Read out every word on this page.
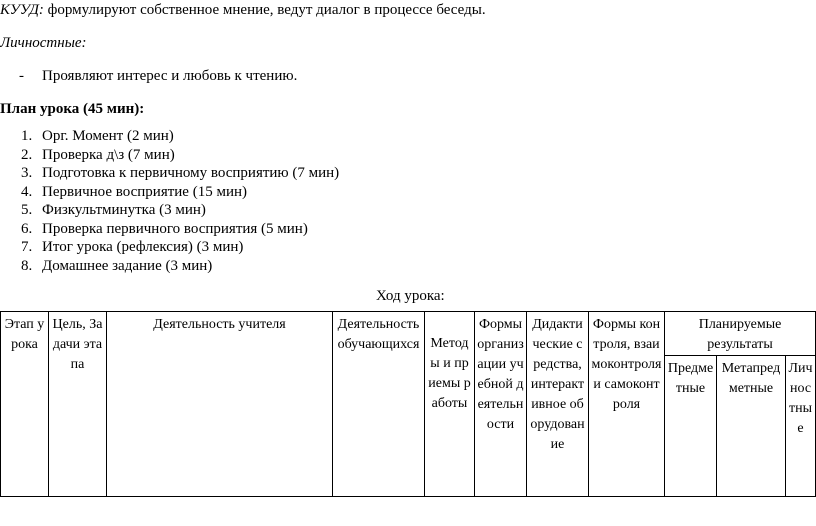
КУУД: формулируют собственное мнение, ведут диалог в процессе беседы.
Личностные:
- Проявляют интерес и любовь к чтению.
План урока (45 мин):
1. Орг. Момент (2 мин)
2. Проверка д\з (7 мин)
3. Подготовка к первичному восприятию (7 мин)
4. Первичное восприятие (15 мин)
5. Физкультминутка (3 мин)
6. Проверка первичного восприятия (5 мин)
7. Итог урока (рефлексия) (3 мин)
8. Домашнее задание (3 мин)
Ход урока:
Этап урока	Цель, Задачи этапа	Деятельность учителя	Деятельность обучающихся	Методы и приемы работы	Формы организации учебной деятельности	Дидактические средства, интерактивное оборудование	Формы контроля, взаимоконтроля и самоконтроля	Планируемые результаты		
								Предметные	Метапредметные	Личностные
